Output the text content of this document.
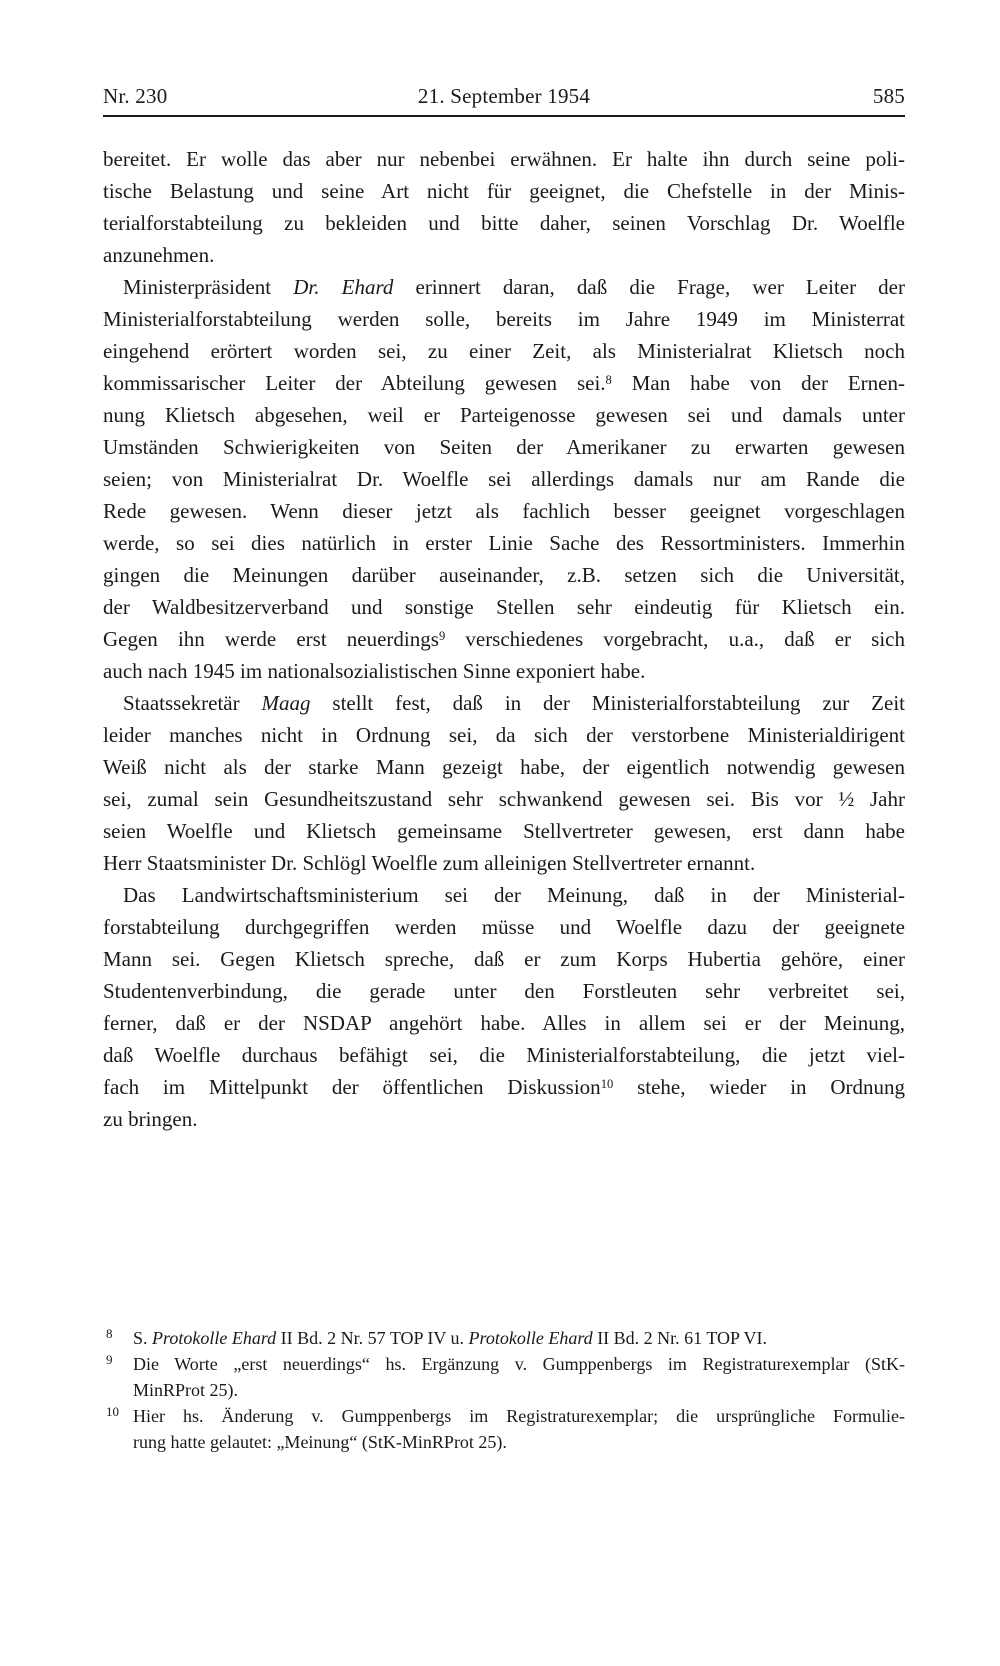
Nr. 230	21. September 1954	585
bereitet. Er wolle das aber nur nebenbei erwähnen. Er halte ihn durch seine poli-
tische Belastung und seine Art nicht für geeignet, die Chefstelle in der Minis-
terialforstabteilung zu bekleiden und bitte daher, seinen Vorschlag Dr. Woelfle
anzunehmen.
Ministerpräsident Dr. Ehard erinnert daran, daß die Frage, wer Leiter der
Ministerialforstabteilung werden solle, bereits im Jahre 1949 im Ministerrat
eingehend erörtert worden sei, zu einer Zeit, als Ministerialrat Klietsch noch
kommissarischer Leiter der Abteilung gewesen sei.$^8$ Man habe von der Ernen-
nung Klietsch abgesehen, weil er Parteigenosse gewesen sei und damals unter
Umständen Schwierigkeiten von Seiten der Amerikaner zu erwarten gewesen
seien; von Ministerialrat Dr. Woelfle sei allerdings damals nur am Rande die
Rede gewesen. Wenn dieser jetzt als fachlich besser geeignet vorgeschlagen
werde, so sei dies natürlich in erster Linie Sache des Ressortministers. Immerhin
gingen die Meinungen darüber auseinander, z.B. setzen sich die Universität,
der Waldbesitzerverband und sonstige Stellen sehr eindeutig für Klietsch ein.
Gegen ihn werde erst neuerdings$^9$ verschiedenes vorgebracht, u.a., daß er sich
auch nach 1945 im nationalsozialistischen Sinne exponiert habe.
Staatssekretär Maag stellt fest, daß in der Ministerialforstabteilung zur Zeit
leider manches nicht in Ordnung sei, da sich der verstorbene Ministerialdirigent
Weiß nicht als der starke Mann gezeigt habe, der eigentlich notwendig gewesen
sei, zumal sein Gesundheitszustand sehr schwankend gewesen sei. Bis vor ½ Jahr
seien Woelfle und Klietsch gemeinsame Stellvertreter gewesen, erst dann habe
Herr Staatsminister Dr. Schlögl Woelfle zum alleinigen Stellvertreter ernannt.
Das Landwirtschaftsministerium sei der Meinung, daß in der Ministerial-
forstabteilung durchgegriffen werden müsse und Woelfle dazu der geeignete
Mann sei. Gegen Klietsch spreche, daß er zum Korps Hubertia gehöre, einer
Studentenverbindung, die gerade unter den Forstleuten sehr verbreitet sei,
ferner, daß er der NSDAP angehört habe. Alles in allem sei er der Meinung,
daß Woelfle durchaus befähigt sei, die Ministerialforstabteilung, die jetzt viel-
fach im Mittelpunkt der öffentlichen Diskussion$^{10}$ stehe, wieder in Ordnung
zu bringen.
8	S. Protokolle Ehard II Bd. 2 Nr. 57 TOP IV u. Protokolle Ehard II Bd. 2 Nr. 61 TOP VI.
9	Die Worte „erst neuerdings“ hs. Ergänzung v. Gumppenbergs im Registraturexemplar (StK-
MinRProt 25).
10 Hier hs. Änderung v. Gumppenbergs im Registraturexemplar; die ursprüngliche Formulie-
rung hatte gelautet: „Meinung“ (StK-MinRProt 25).
